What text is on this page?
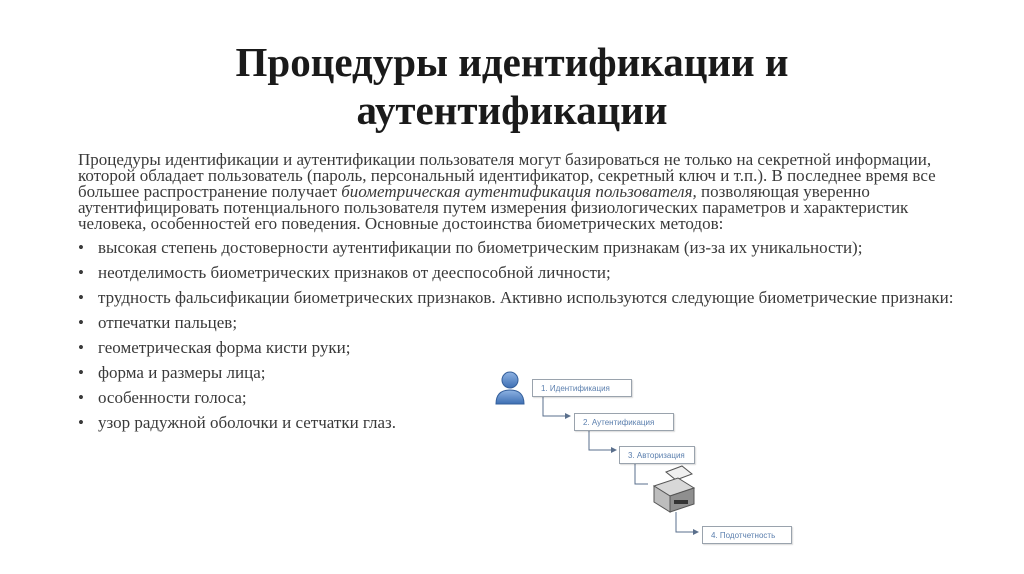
Процедуры идентификации и
аутентификации

Процедуры идентификации и аутентификации пользователя могут базироваться не только на секретной информации, которой обладает пользователь (пароль, персональный идентификатор, секретный ключ и т.п.). В последнее время все большее распространение получает биометрическая аутентификация пользователя, позволяющая уверенно аутентифицировать потенциального пользователя путем измерения физиологических параметров и характеристик человека, особенностей его поведения. Основные достоинства биометрических методов:

• высокая степень достоверности аутентификации по биометрическим признакам (из-за их уникальности);
• неотделимость биометрических признаков от дееспособной личности;
• трудность фальсификации биометрических признаков. Активно используются следующие биометрические признаки:
• отпечатки пальцев;
• геометрическая форма кисти руки;
• форма и размеры лица;
• особенности голоса;
• узор радужной оболочки и сетчатки глаз.
1. Идентификация
2. Аутентификация
3. Авторизация
4. Подотчетность
